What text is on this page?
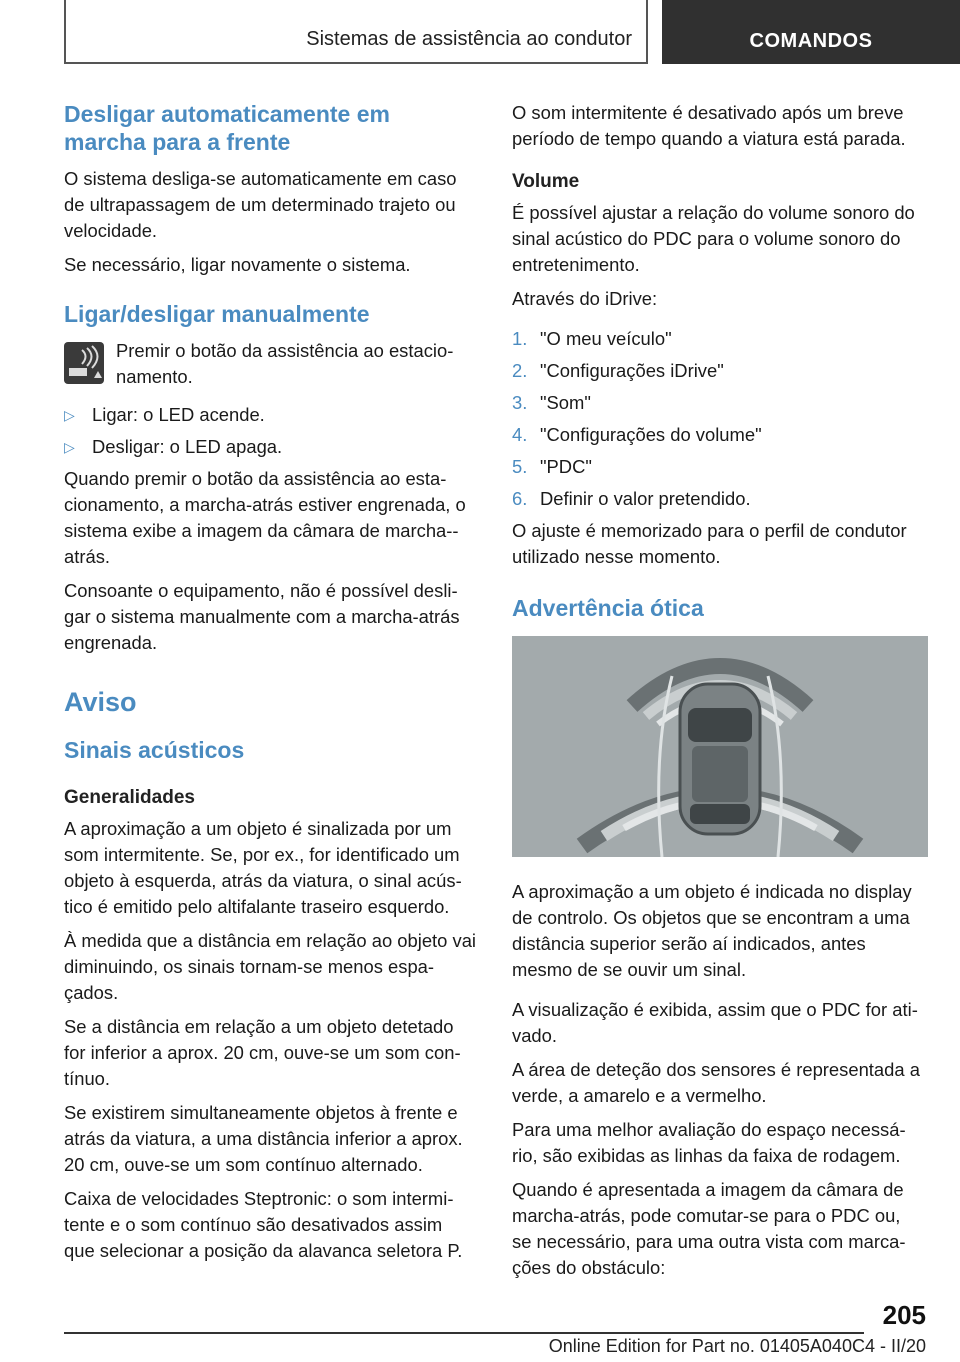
Sistemas de assistência ao condutor	COMANDOS
Desligar automaticamente em marcha para a frente

O sistema desliga-se automaticamente em caso de ultrapassagem de um determinado trajeto ou velocidade.

Se necessário, ligar novamente o sistema.

Ligar/desligar manualmente

Premir o botão da assistência ao estacionamento.

▷ Ligar: o LED acende.
▷ Desligar: o LED apaga.

Quando premir o botão da assistência ao estacionamento, a marcha-atrás estiver engrenada, o sistema exibe a imagem da câmara de marcha--atrás.

Consoante o equipamento, não é possível desligar o sistema manualmente com a marcha-atrás engrenada.

Aviso
Sinais acústicos
Generalidades

A aproximação a um objeto é sinalizada por um som intermitente. Se, por ex., for identificado um objeto à esquerda, atrás da viatura, o sinal acústico é emitido pelo altifalante traseiro esquerdo.

À medida que a distância em relação ao objeto vai diminuindo, os sinais tornam-se menos espaçados.

Se a distância em relação a um objeto detetado for inferior a aprox. 20 cm, ouve-se um som contínuo.

Se existirem simultaneamente objetos à frente e atrás da viatura, a uma distância inferior a aprox. 20 cm, ouve-se um som contínuo alternado.

Caixa de velocidades Steptronic: o som intermitente e o som contínuo são desativados assim que selecionar a posição da alavanca seletora P.

O som intermitente é desativado após um breve período de tempo quando a viatura está parada.

Volume

É possível ajustar a relação do volume sonoro do sinal acústico do PDC para o volume sonoro do entretenimento.

Através do iDrive:

1. "O meu veículo"
2. "Configurações iDrive"
3. "Som"
4. "Configurações do volume"
5. "PDC"
6. Definir o valor pretendido.

O ajuste é memorizado para o perfil de condutor utilizado nesse momento.

Advertência ótica

A aproximação a um objeto é indicada no display de controlo. Os objetos que se encontram a uma distância superior serão aí indicados, antes mesmo de se ouvir um sinal.

A visualização é exibida, assim que o PDC for ativado.

A área de deteção dos sensores é representada a verde, a amarelo e a vermelho.

Para uma melhor avaliação do espaço necessário, são exibidas as linhas da faixa de rodagem.

Quando é apresentada a imagem da câmara de marcha-atrás, pode comutar-se para o PDC ou, se necessário, para uma outra vista com marcações do obstáculo:

205
Online Edition for Part no. 01405A040C4 - II/20
